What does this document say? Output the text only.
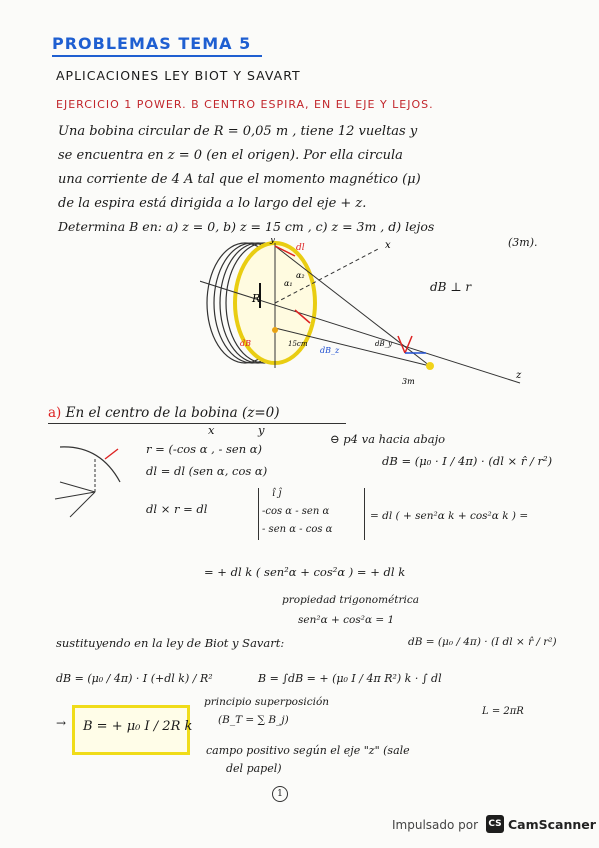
PROBLEMAS TEMA 5
APLICACIONES LEY BIOT Y SAVART
EJERCICIO 1 POWER. B CENTRO ESPIRA, EN EL EJE Y LEJOS.
Una bobina circular de R = 0,05 m , tiene 12 vueltas y
se encuentra en z = 0 (en el origen). Por ella circula
una corriente de 4 A tal que el momento magnético (μ)
de la espira está dirigida a lo largo del eje + z.
Determina B en: a) z = 0, b) z = 15 cm , c) z = 3m , d) lejos
(3m).
R
α₁
α₂
dl
dB	15cm
dB_z
dB_y
3m
z
x
y
dB ⊥ r
a) En el centro de la bobina (z=0)
x	y
r = (-cos α , - sen α)
dl = dl (sen α, cos α)
⊖ p4 va hacia abajo
dB = (μ₀ · I / 4π) · (dl × r̂ / r²)
dl × r = dl
î ĵ
-cos α - sen α
- sen α - cos α
= dl ( + sen²α k + cos²α k ) =
= + dl k ( sen²α + cos²α ) = + dl k
propiedad trigonométrica
sen²α + cos²α = 1
sustituyendo en la ley de Biot y Savart:	dB = (μ₀ / 4π) · (I dl × r̂ / r²)
dB = (μ₀ / 4π) · I (+dl k) / R²	B = ∫dB = + (μ₀ I / 4π R²) k · ∫ dl
L = 2πR
principio superposición
(B_T = ∑ B_j)
→ B = + μ₀ I / 2R k
campo positivo según el eje "z" (sale
del papel)
1
Impulsado por CS CamScanner
